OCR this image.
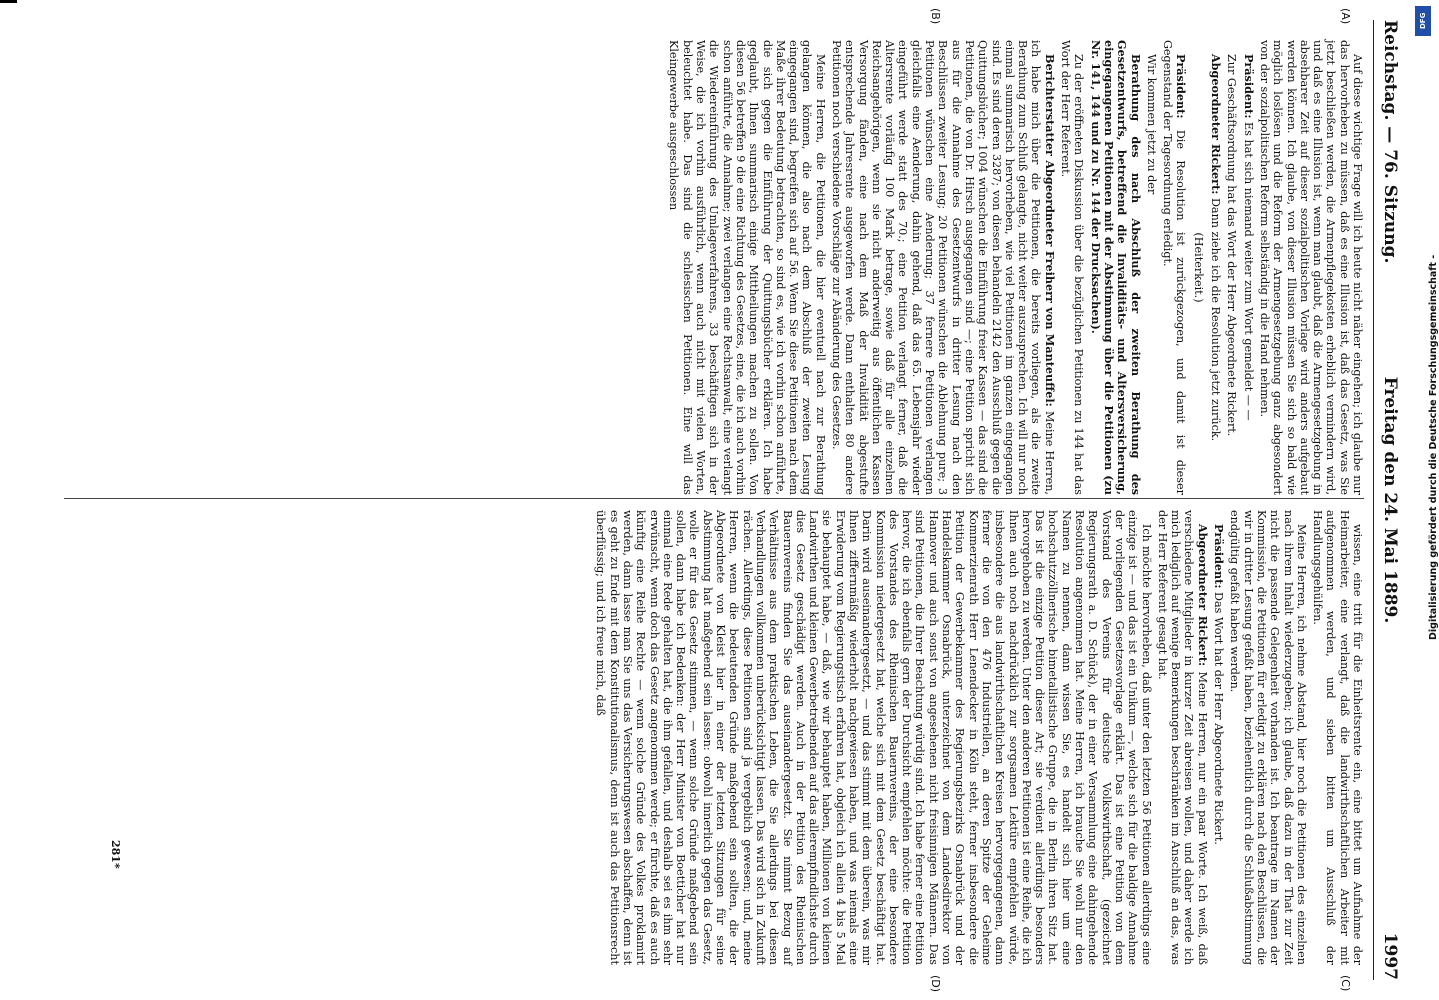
Reichstag. — 76. Sitzung.
Freitag den 24. Mai 1889.
1997
(A)
(B)
(C)
(D)

Auf diese wichtige Frage will ich heute nicht näher eingehen; ich glaube nur das hervorheben zu müssen, daß es eine Illusion ist, daß das Gesetz, was Sie jetzt beschließen werden, die Armenpflegekosten erheblich vermindern wird, und daß es eine Illusion ist, wenn man glaubt, daß die Armengesetzgebung in absehbarer Zeit auf dieser sozialpolitischen Vorlage wird anders aufgebaut werden können. Ich glaube, von dieser Illusion müssen Sie sich so bald wie möglich loslösen und die Reform der Armengesetzgebung ganz abgesondert von der sozialpolitischen Reform selbständig in die Hand nehmen.

Präsident: Es hat sich niemand weiter zum Wort gemeldet — —

Zur Geschäftsordnung hat das Wort der Herr Abgeordnete Rickert.

Abgeordneter Rickert: Dann ziehe ich die Resolution jetzt zurück.

(Heiterkeit.)

Präsident: Die Resolution ist zurückgezogen, und damit ist dieser Gegenstand der Tagesordnung erledigt.

Wir kommen jetzt zu der

Berathung des nach Abschluß der zweiten Berathung des Gesetzentwurfs, betreffend die Invaliditäts- und Altersversicherung, eingegangenen Petitionen mit der Abstimmung über die Petitionen (zu Nr. 141, 144 und zu Nr. 144 der Drucksachen).

Zu der eröffneten Diskussion über die bezüglichen Petitionen zu 144 hat das Wort der Herr Referent.

Berichterstatter Abgeordneter Freiherr von Manteuffel: Meine Herren, ich habe mich über die Petitionen, die bereits vorliegen, als die zweite Berathung zum Schluß gelangte, nicht weiter auszusprechen. Ich will nur noch einmal summarisch hervorheben, wie viel Petitionen im ganzen eingegangen sind. Es sind deren 3287; von diesen behandeln 2142 den Ausschluß gegen die Quittungsbücher; 1004 wünschen die Einführung freier Kassen — das sind die Petitionen, die von Dr. Hirsch ausgegangen sind —; eine Petition spricht sich aus für die Annahme des Gesetzentwurfs in dritter Lesung nach den Beschlüssen zweiter Lesung; 20 Petitionen wünschen die Ablehnung pure; 3 Petitionen wünschen eine Aenderung; 37 fernere Petitionen verlangen gleichfalls eine Aenderung, dahin gehend, daß das 65. Lebensjahr wieder eingeführt werde statt des 70.; eine Petition verlangt ferner, daß die Altersrente vorläufig 100 Mark betrage, sowie daß für alle einzelnen Reichsangehörigen, wenn sie nicht anderweitig aus öffentlichen Kassen Versorgung fänden, eine nach dem Maß der Invalidität abgestufte entsprechende Jahresrente ausgeworfen werde. Dann enthalten 80 andere Petitionen noch verschiedene Vorschläge zur Abänderung des Gesetzes.

Meine Herren, die Petitionen, die hier eventuell nach zur Berathung gelangen können, die also nach dem Abschluß der zweiten Lesung eingegangen sind, begreifen sich auf 56. Wenn Sie diese Petitionen nach dem Maße ihrer Bedeutung betrachten, so sind es, wie ich vorhin schon anführte, die sich gegen die Einführung der Quittungsbücher erklären. Ich habe geglaubt, Ihnen summarisch einige Mittheilungen machen zu sollen. Von diesen 56 betreffen 9 die eine Richtung des Gesetzes, eine, die ich auch vorhin schon anführte, die Annahme; zwei verlangen eine Rechtsanwalt, eine verlangt die Wiedereinführung des Umlageverfahrens, 33 beschäftigen sich in der Weise, die ich vorhin ausführlich, wenn auch nicht mit vielen Worten, beleuchtet habe. Das sind die schlesischen Petitionen. Eine will das Kleingewerbe ausgeschlossen

wissen, eine tritt für die Einheitsrente ein, eine bittet um Aufnahme der Heimarbeiter, eine verlangt, daß die landwirthschaftlichen Arbeiter mit aufgenommen werden, und sieben bitten um Ausschluß der Handlungsgehülfen.

Meine Herren, ich nehme Abstand, hier noch die Petitionen des einzelnen nach ihrem Inhalt wiederzugeben; ich glaube, daß dazu in der That zur Zeit nicht die passende Gelegenheit vorhanden ist. Ich beantrage im Namen der Kommission, die Petitionen für erledigt zu erklären nach den Beschlüssen, die wir in dritter Lesung gefaßt haben, beziehentlich durch die Schlußabstimmung endgültig gefaßt haben werden.

Präsident: Das Wort hat der Herr Abgeordnete Rickert.

Abgeordneter Rickert: Meine Herren, nur ein paar Worte. Ich weiß, daß verschiedene Mitglieder in kurzer Zeit abreisen wollen, und daher werde ich mich lediglich auf wenige Bemerkungen beschränken im Anschluß an das, was der Herr Referent gesagt hat.

Ich möchte hervorheben, daß unter den letzten 56 Petitionen allerdings eine einzige ist — und das ist ein Unikum —, welche sich für die baldige Annahme der vorliegenden Gesetzesvorlage erklärt. Das ist eine Petition von dem Vorstand des Vereins für deutsche Volkswirthschaft, (gezeichnet Regierungsrath a. D. Schück), der in einer Versammlung eine dahingehende Resolution angenommen hat. Meine Herren, ich brauche Sie wohl nur den Namen zu nennen, dann wissen Sie, es handelt sich hier um eine hochschutzzöllnerische bimetallistische Gruppe, die in Berlin ihren Sitz hat. Das ist die einzige Petition dieser Art; sie verdient allerdings besonders hervorgehoben zu werden. Unter den anderen Petitionen ist eine Reihe, die ich Ihnen auch noch nachdrücklich zur sorgsamen Lektüre empfehlen würde, insbesondere die aus landwirthschaftlichen Kreisen hervorgegangenen, dann ferner die von den 476 Industriellen, an deren Spitze der Geheime Kommerzienrath Herr Lenendecker in Köln steht, ferner insbesondere die Petition der Gewerbekammer des Regierungsbezirks Osnabrück und der Handelskammer Osnabrück, unterzeichnet von dem Landesdirektor von Hannover und auch sonst von angesehenen nicht freisinnigen Männern. Das sind Petitionen, die Ihrer Beachtung würdig sind. Ich habe ferner eine Petition hervor, die ich ebenfalls gern der Durchsicht empfehlen möchte: die Petition des Vorstandes des Rheinischen Bauernvereins, der eine besondere Kommission niedergesetzt hat, welche sich mit dem Gesetz beschäftigt hat. Darin wird auseinandergesetzt, — und das stimmt mit dem überein, was mir Ihnen ziffernmäßig wiederholt nachgewiesen haben, und was niemals eine Erwiderung vom Regierungstisch erfahren hat, obgleich ich allein 4 bis 5 Mal sie behauptet habe, — daß, wie wir behauptet haben, Millionen von kleinen Landwirthen und kleinen Gewerbetreibenden auf das allerempfindlichste durch dies Gesetz geschädigt werden. Auch in der Petition des Rheinischen Bauernvereins finden Sie das auseinandergesetzt. Sie nimmt Bezug auf Verhältnisse aus dem praktischen Leben, die Sie allerdings bei diesen Verhandlungen vollkommen unberücksichtigt lassen. Das wird sich in Zukunft rächen. Allerdings, diese Petitionen sind ja vergeblich gewesen; und, meine Herren, wenn die bedeutenden Gründe maßgebend sein sollten, die der Abgeordnete von Kleist hier in einer der letzten Sitzungen für seine Abstimmung hat maßgebend sein lassen: obwohl innerlich gegen das Gesetz, wolle er für das Gesetz stimmen, — wenn solche Gründe maßgebend sein sollen, dann habe ich Bedenken: der Herr Minister von Boetticher hat nur einmal eine Rede gehalten hat, die ihm gefallen, und deshalb sei es ihm sehr erwünscht, wenn doch das Gesetz angenommen werde; er fürchte, daß es auch künftig eine Reihe Rechte — wenn solche Gründe des Volkes proklamirt werden, dann lasse man Sie uns das Versicherungswesen abschaffen, denn ist es geht zu Ende mit dem Konstitutionalismus, denn ist auch das Petitionsrecht überflüssig; und ich freue mich, daß

281*
DFG
Digitalisierung gefördert durch die Deutsche Forschungsgemeinschaft -
